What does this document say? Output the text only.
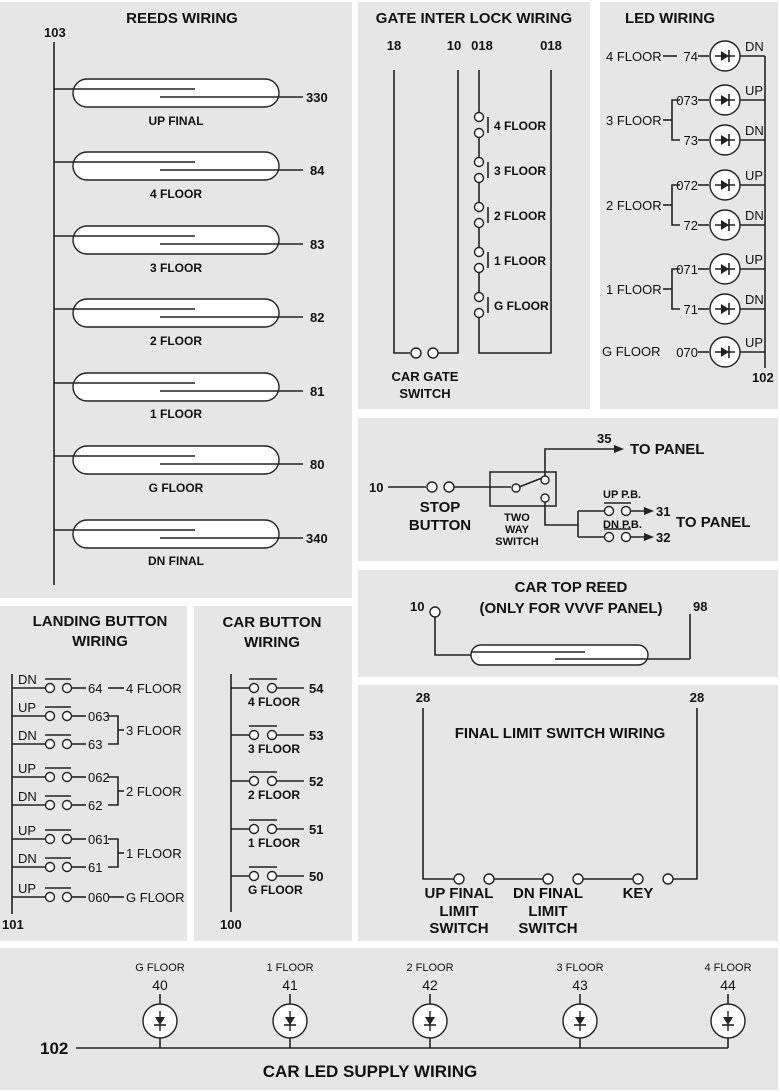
REEDS WIRING
103
UP FINAL
330
4 FLOOR
84
3 FLOOR
83
2 FLOOR
82
1 FLOOR
81
G FLOOR
80
DN FINAL
340
GATE INTER LOCK WIRING
18	10 018	018
4 FLOOR
3 FLOOR
2 FLOOR
1 FLOOR
G FLOOR
CAR GATE
SWITCH
LED WIRING
102
74
DN
073
UP
73
DN
072
UP
72
DN
071
UP
71
DN
070
UP
4 FLOOR
3 FLOOR
2 FLOOR
1 FLOOR
G FLOOR
10
35
TO PANEL
STOP
BUTTON	TWO
WAY
SWITCH
UP P.B.
DN P.B.
31
32
TO PANEL
CAR TOP REED
(ONLY FOR VVVF PANEL)
10	98
28	28
FINAL LIMIT SWITCH WIRING
UP FINAL
LIMIT
SWITCH
DN FINAL
LIMIT
SWITCH
KEY
LANDING BUTTON
WIRING
101
DN
64
UP
063
DN
63
UP
062
DN
62
UP
061
DN
61
UP
060
4 FLOOR
3 FLOOR
2 FLOOR
1 FLOOR
G FLOOR
CAR BUTTON
WIRING
100
54
4 FLOOR
53
3 FLOOR
52
2 FLOOR
51
1 FLOOR
50
G FLOOR
102
CAR LED SUPPLY WIRING
G FLOOR
40
1 FLOOR
41
2 FLOOR
42
3 FLOOR
43
4 FLOOR
44
